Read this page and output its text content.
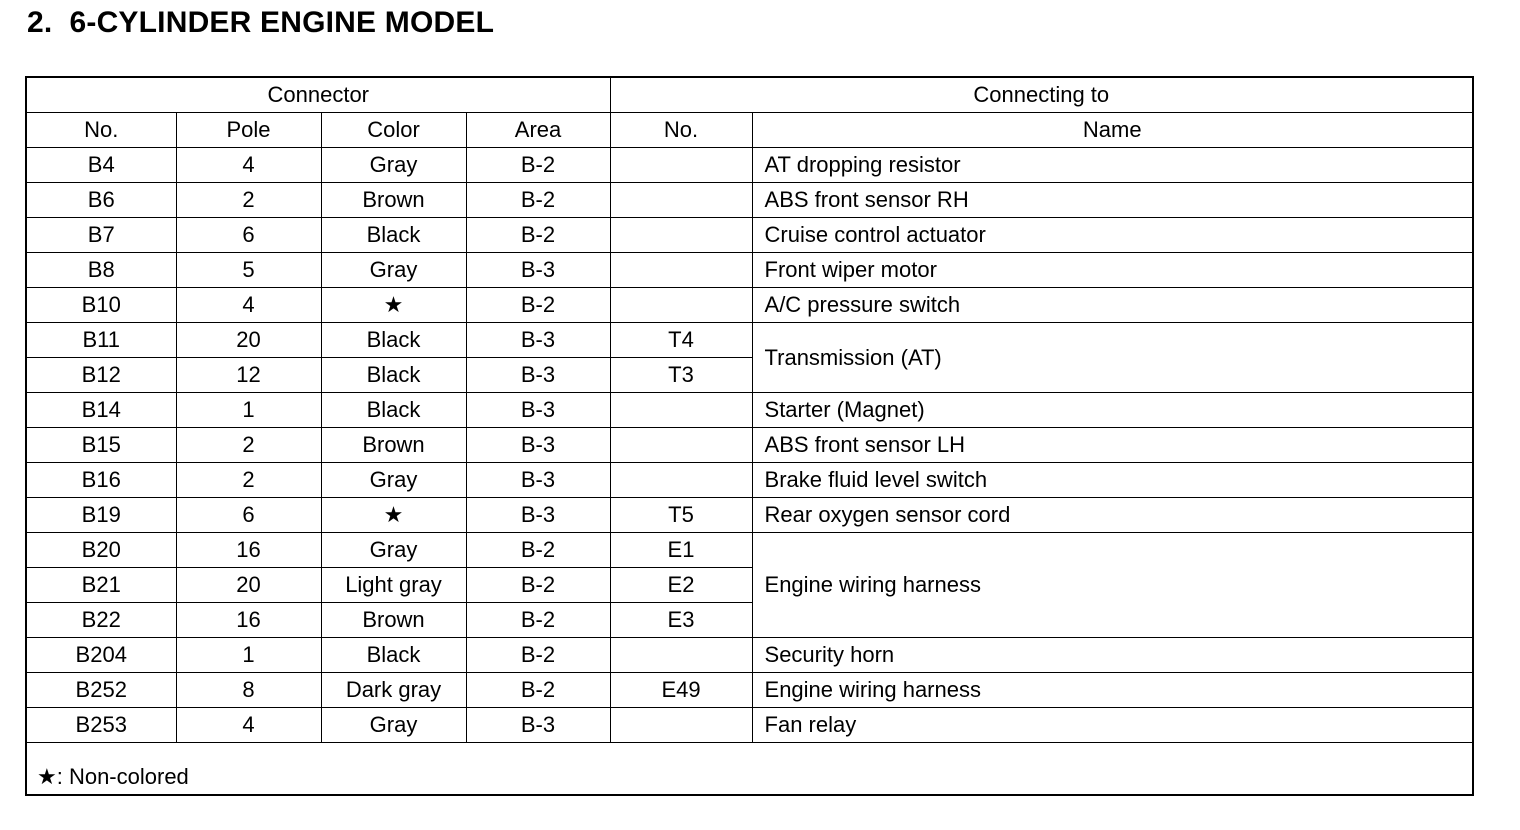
2.  6-CYLINDER ENGINE MODEL
Connector				Connecting to	
No.	Pole	Color	Area	No.	Name
B4	4	Gray	B-2		AT dropping resistor
B6	2	Brown	B-2		ABS front sensor RH
B7	6	Black	B-2		Cruise control actuator
B8	5	Gray	B-3		Front wiper motor
B10	4	★	B-2		A/C pressure switch
B11	20	Black	B-3	T4	Transmission (AT)
B12	12	Black	B-3	T3	
B14	1	Black	B-3		Starter (Magnet)
B15	2	Brown	B-3		ABS front sensor LH
B16	2	Gray	B-3		Brake fluid level switch
B19	6	★	B-3	T5	Rear oxygen sensor cord
B20	16	Gray	B-2	E1	Engine wiring harness
B21	20	Light gray	B-2	E2	
B22	16	Brown	B-2	E3	
B204	1	Black	B-2		Security horn
B252	8	Dark gray	B-2	E49	Engine wiring harness
B253	4	Gray	B-3		Fan relay
★: Non-colored
